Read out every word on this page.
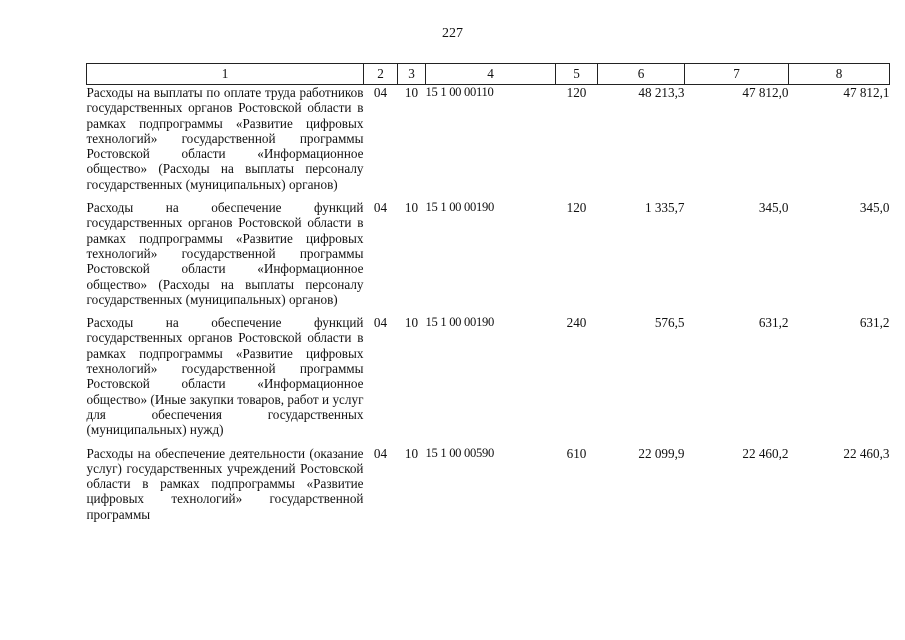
227
1	2	3	4	5	6	7	8
Расходы на выплаты по оплате труда работников государственных органов Ростовской области в рамках подпрограммы «Развитие цифровых технологий» государственной программы Ростовской области «Информационное общество» (Расходы на выплаты персоналу государственных (муниципальных) органов)	04	10	15 1 00 00110	120	48 213,3	47 812,0	47 812,1
Расходы на обеспечение функций государственных органов Ростовской области в рамках подпрограммы «Развитие цифровых технологий» государственной программы Ростовской области «Информационное общество» (Расходы на выплаты персоналу государственных (муниципальных) органов)	04	10	15 1 00 00190	120	1 335,7	345,0	345,0
Расходы на обеспечение функций государственных органов Ростовской области в рамках подпрограммы «Развитие цифровых технологий» государственной программы Ростовской области «Информационное общество» (Иные закупки товаров, работ и услуг для обеспечения государственных (муниципальных) нужд)	04	10	15 1 00 00190	240	576,5	631,2	631,2
Расходы на обеспечение деятельности (оказание услуг) государственных учреждений Ростовской области в рамках подпрограммы «Развитие цифровых технологий» государственной программы	04	10	15 1 00 00590	610	22 099,9	22 460,2	22 460,3
